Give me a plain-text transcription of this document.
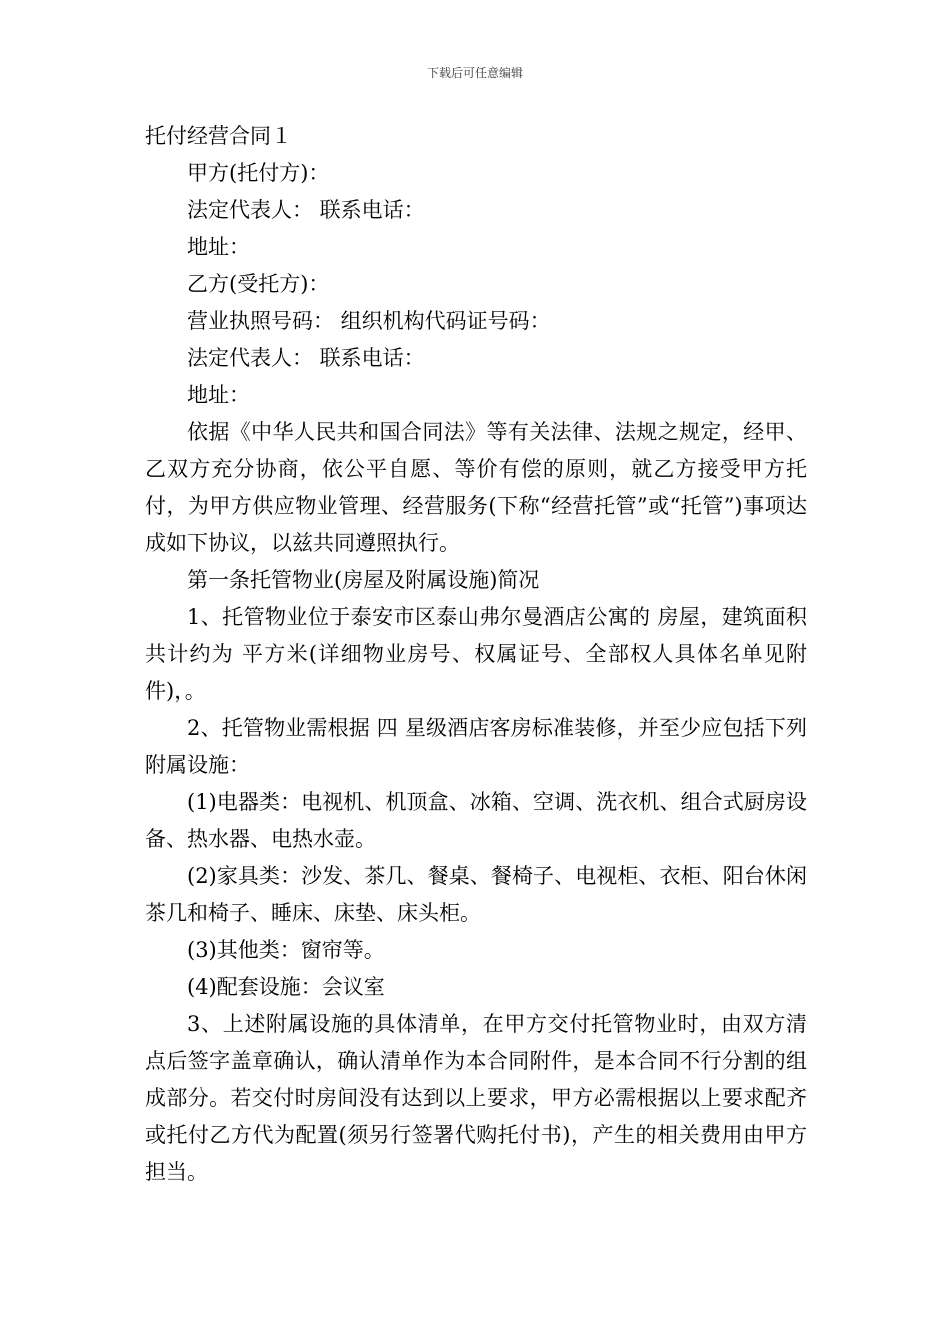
下载后可任意编辑
托付经营合同１

甲方(托付方)：

法定代表人： 联系电话：

地址：

乙方(受托方)：

营业执照号码： 组织机构代码证号码：

法定代表人： 联系电话：

地址：

依据《中华人民共和国合同法》等有关法律、法规之规定，经甲、乙双方充分协商，依公平自愿、等价有偿的原则，就乙方接受甲方托付，为甲方供应物业管理、经营服务(下称“经营托管”或“托管”)事项达成如下协议，以兹共同遵照执行。

第一条托管物业(房屋及附属设施)简况

1、托管物业位于泰安市区泰山弗尔曼酒店公寓的 房屋，建筑面积共计约为 平方米(详细物业房号、权属证号、全部权人具体名单见附件)，。

2、托管物业需根据 四 星级酒店客房标准装修，并至少应包括下列附属设施：

(1)电器类：电视机、机顶盒、冰箱、空调、洗衣机、组合式厨房设备、热水器、电热水壶。

(2)家具类：沙发、茶几、餐桌、餐椅子、电视柜、衣柜、阳台休闲茶几和椅子、睡床、床垫、床头柜。

(3)其他类：窗帘等。

(4)配套设施：会议室

3、上述附属设施的具体清单，在甲方交付托管物业时，由双方清点后签字盖章确认，确认清单作为本合同附件，是本合同不行分割的组成部分。若交付时房间没有达到以上要求，甲方必需根据以上要求配齐或托付乙方代为配置(须另行签署代购托付书)，产生的相关费用由甲方担当。
